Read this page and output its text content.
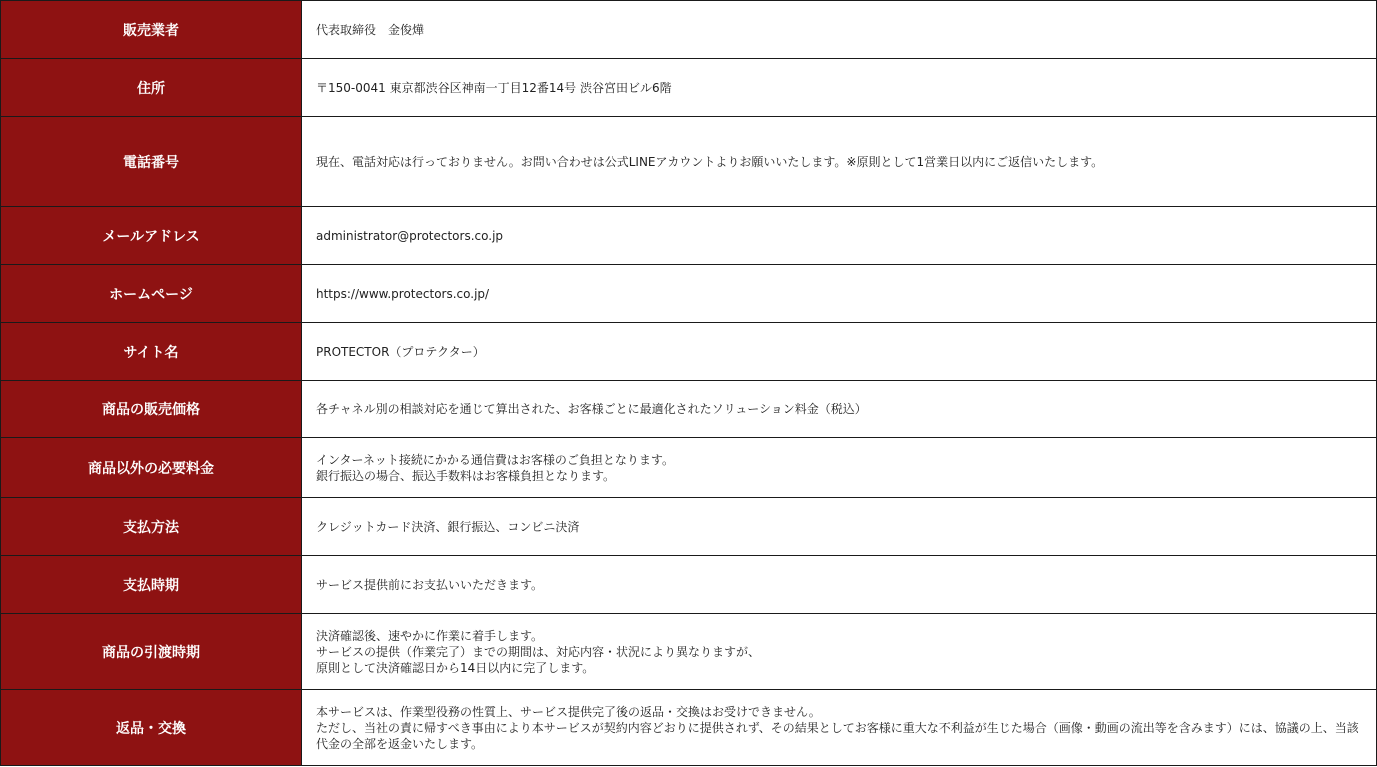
販売業者	代表取締役　金俊燁

住所	〒150-0041 東京都渋谷区神南一丁目12番14号 渋谷宮田ビル6階

電話番号	現在、電話対応は行っておりません。お問い合わせは公式LINEアカウントよりお願いいたします。※原則として1営業日以内にご返信いたします。

メールアドレス	administrator@protectors.co.jp

ホームページ	https://www.protectors.co.jp/

サイト名	PROTECTOR（プロテクター）

商品の販売価格	各チャネル別の相談対応を通じて算出された、お客様ごとに最適化されたソリューション料金（税込）

商品以外の必要料金	インターネット接続にかかる通信費はお客様のご負担となります。
銀行振込の場合、振込手数料はお客様負担となります。

支払方法	クレジットカード決済、銀行振込、コンビニ決済

支払時期	サービス提供前にお支払いいただきます。

商品の引渡時期	決済確認後、速やかに作業に着手します。
サービスの提供（作業完了）までの期間は、対応内容・状況により異なりますが、
原則として決済確認日から14日以内に完了します。

返品・交換	本サービスは、作業型役務の性質上、サービス提供完了後の返品・交換はお受けできません。
ただし、当社の責に帰すべき事由により本サービスが契約内容どおりに提供されず、その結果としてお客様に重大な不利益が生じた場合（画像・動画の流出等を含みます）には、協議の上、当該代金の全部を返金いたします。
